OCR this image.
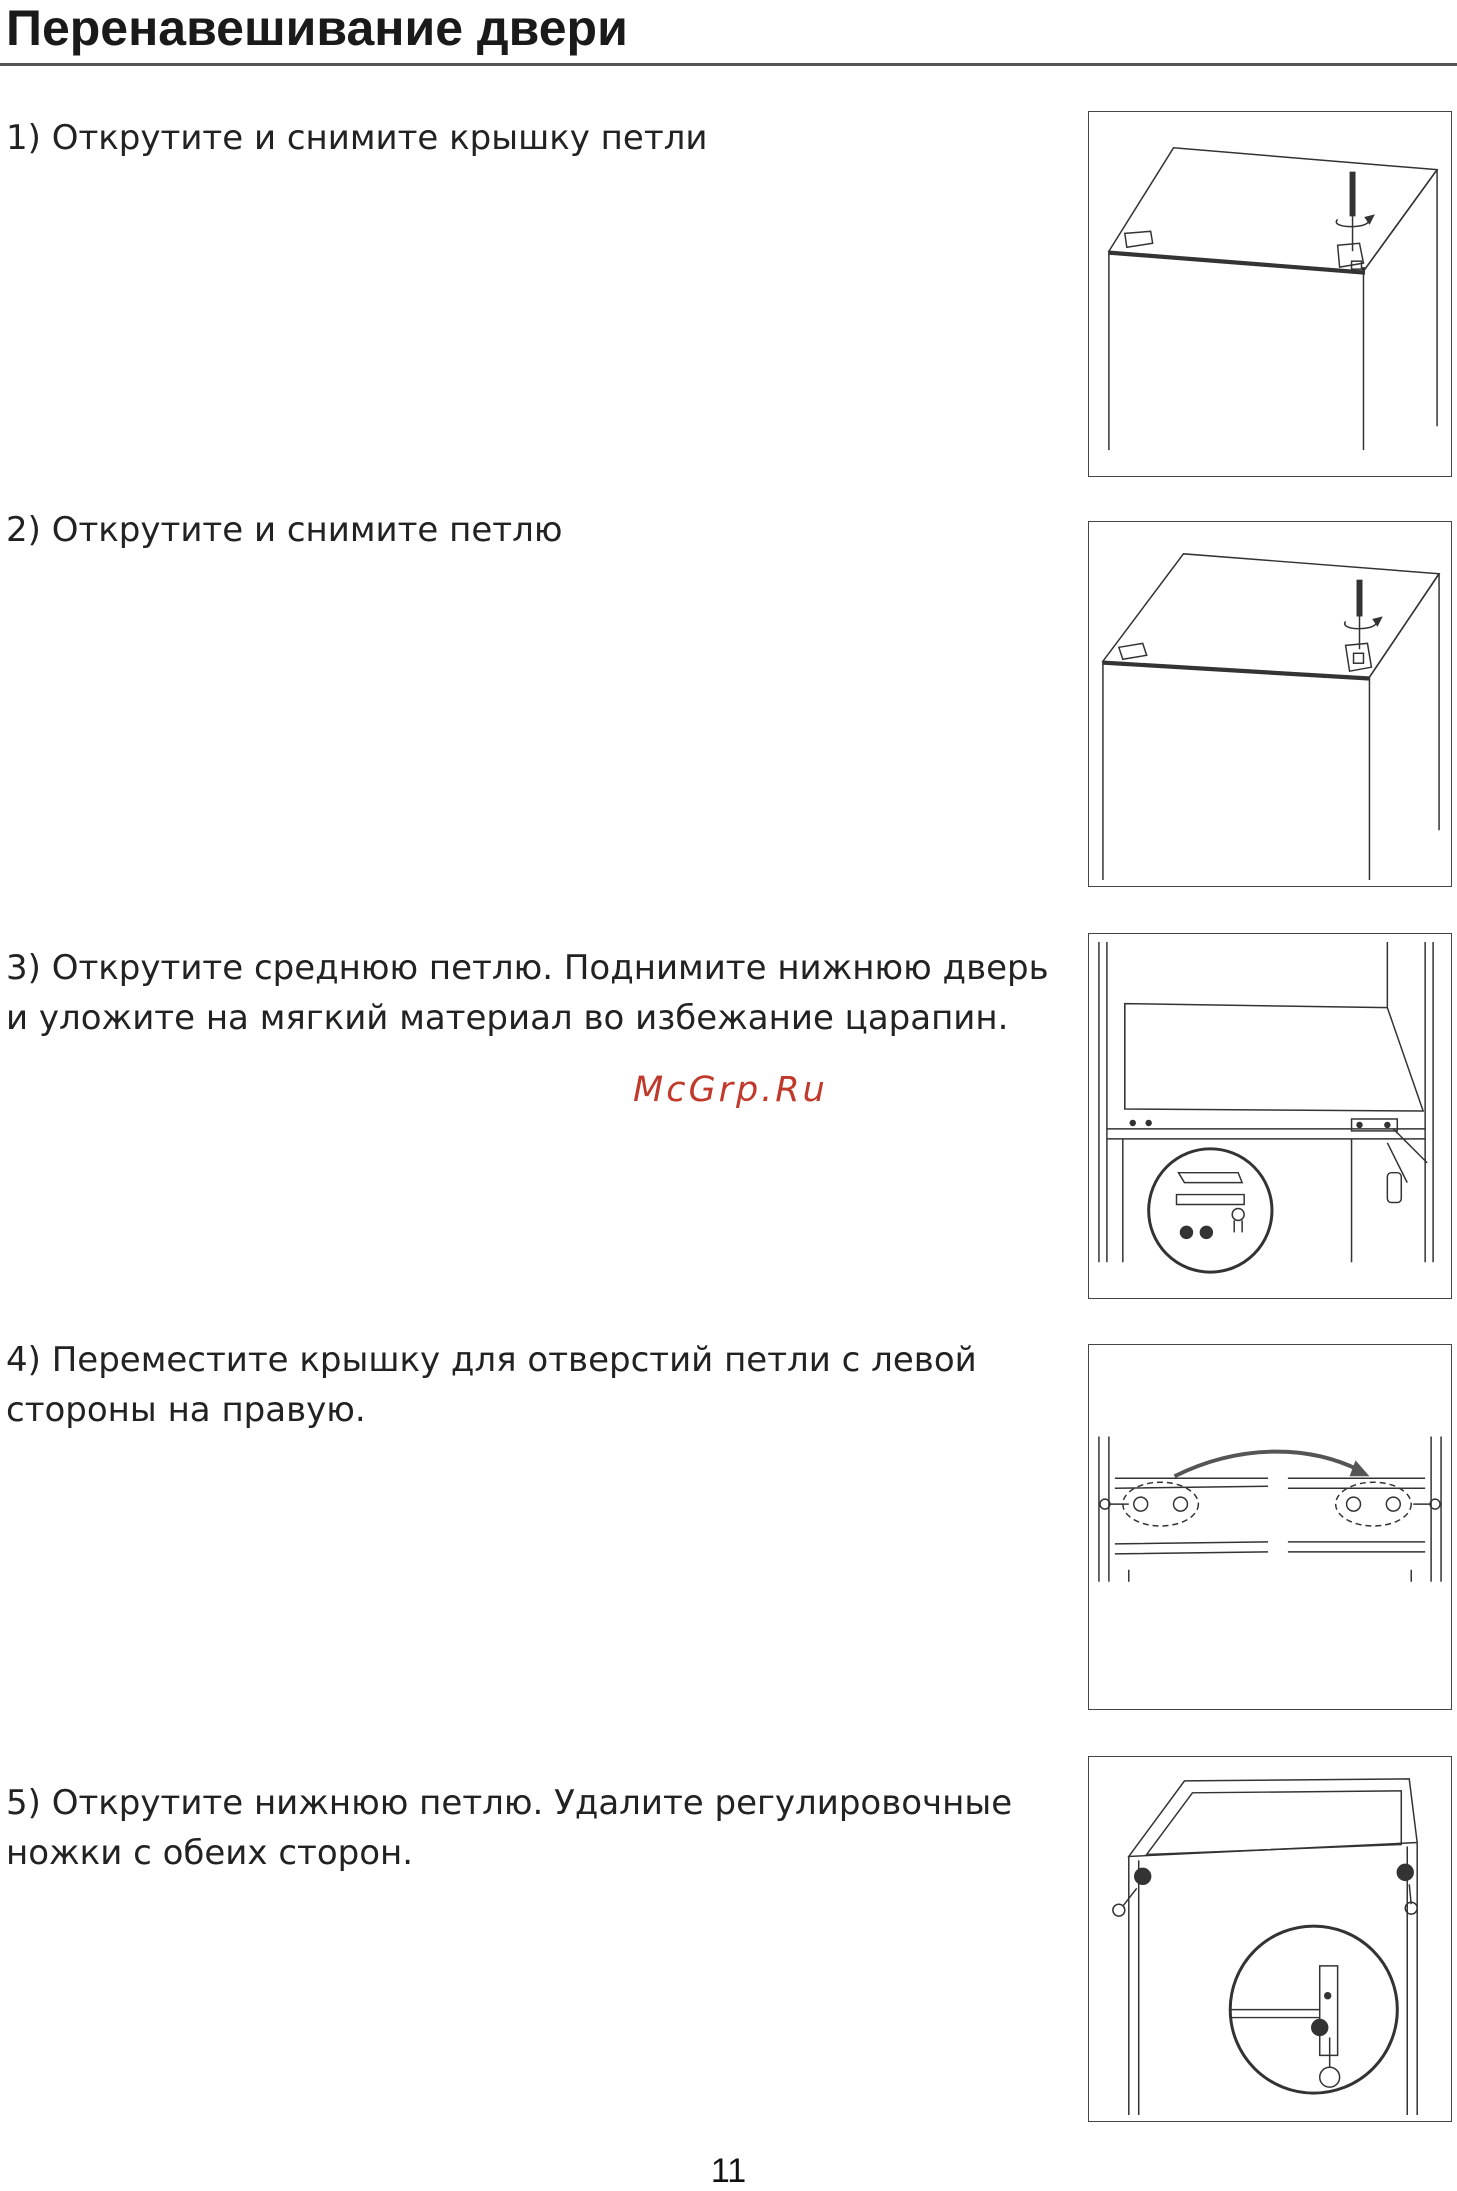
Перенавешивание двери

1) Открутите и снимите крышку петли

2) Открутите и снимите петлю

3) Открутите среднюю петлю. Поднимите нижнюю дверь и уложите на мягкий материал во избежание царапин.

4) Переместите крышку для отверстий петли с левой стороны на правую.

5) Открутите нижнюю петлю. Удалите регулировочные ножки с обеих сторон.

McGrp.Ru
11
